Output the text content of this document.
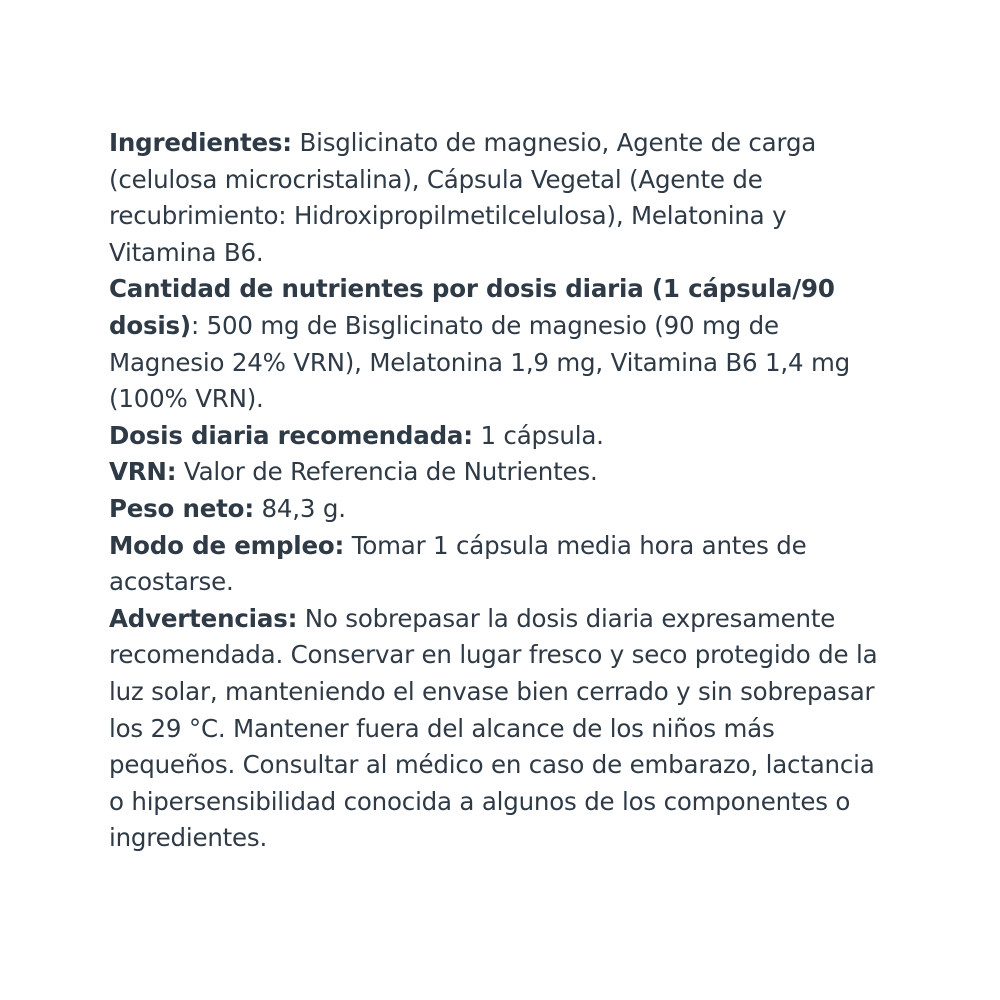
Ingredientes: Bisglicinato de magnesio, Agente de carga (celulosa microcristalina), Cápsula Vegetal (Agente de recubrimiento: Hidroxipropilmetilcelulosa), Melatonina y Vitamina B6.

Cantidad de nutrientes por dosis diaria (1 cápsula/90 dosis): 500 mg de Bisglicinato de magnesio (90 mg de Magnesio 24% VRN), Melatonina 1,9 mg, Vitamina B6 1,4 mg (100% VRN).

Dosis diaria recomendada: 1 cápsula.

VRN: Valor de Referencia de Nutrientes.

Peso neto: 84,3 g.

Modo de empleo: Tomar 1 cápsula media hora antes de acostarse.

Advertencias: No sobrepasar la dosis diaria expresamente recomendada. Conservar en lugar fresco y seco protegido de la luz solar, manteniendo el envase bien cerrado y sin sobrepasar los 29 °C. Mantener fuera del alcance de los niños más pequeños. Consultar al médico en caso de embarazo, lactancia o hipersensibilidad conocida a algunos de los componentes o ingredientes.
